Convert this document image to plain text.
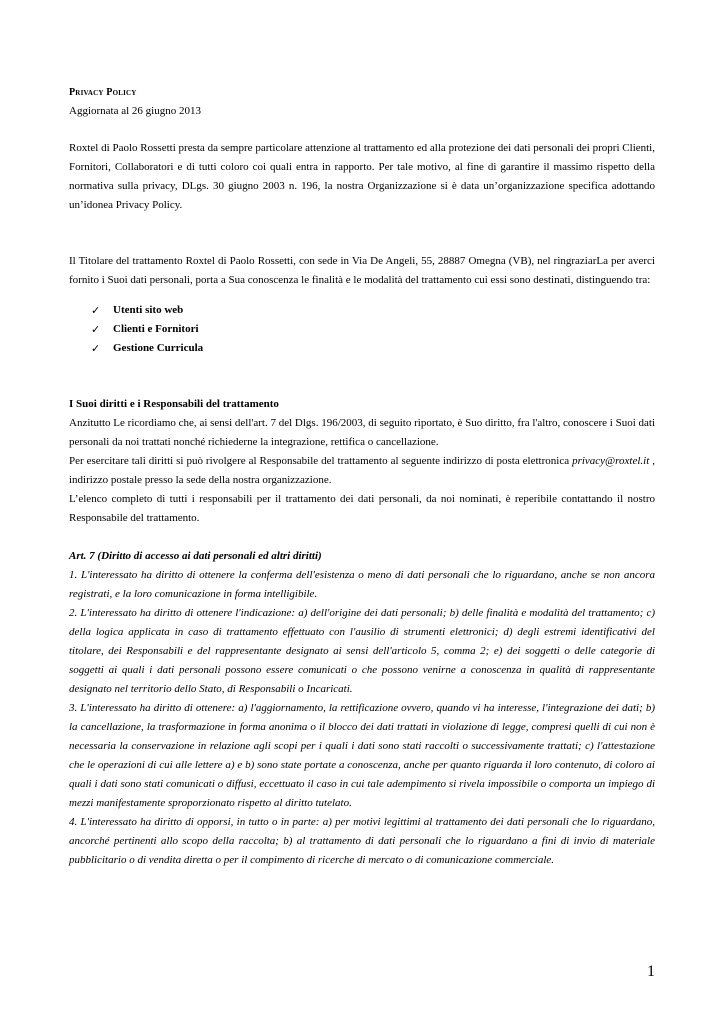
Privacy Policy

Aggiornata al 26 giugno 2013

Roxtel di Paolo Rossetti presta da sempre particolare attenzione al trattamento ed alla protezione dei dati personali dei propri Clienti, Fornitori, Collaboratori e di tutti coloro coi quali entra in rapporto. Per tale motivo, al fine di garantire il massimo rispetto della normativa sulla privacy, DLgs. 30 giugno 2003 n. 196, la nostra Organizzazione si è data un’organizzazione specifica adottando un’idonea Privacy Policy.

Il Titolare del trattamento Roxtel di Paolo Rossetti, con sede in Via De Angeli, 55, 28887 Omegna (VB), nel ringraziarLa per averci fornito i Suoi dati personali, porta a Sua conoscenza le finalità e le modalità del trattamento cui essi sono destinati, distinguendo tra:

✓	Utenti sito web
✓	Clienti e Fornitori
✓	Gestione Curricula

I Suoi diritti e i Responsabili del trattamento

Anzitutto Le ricordiamo che, ai sensi dell'art. 7 del Dlgs. 196/2003, di seguito riportato, è Suo diritto, fra l'altro, conoscere i Suoi dati personali da noi trattati nonché richiederne la integrazione, rettifica o cancellazione.

Per esercitare tali diritti si può rivolgere al Responsabile del trattamento al seguente indirizzo di posta elettronica privacy@roxtel.it , indirizzo postale presso la sede della nostra organizzazione.

L’elenco completo di tutti i responsabili per il trattamento dei dati personali, da noi nominati, è reperibile contattando il nostro Responsabile del trattamento.

Art. 7 (Diritto di accesso ai dati personali ed altri diritti)

1. L'interessato ha diritto di ottenere la conferma dell'esistenza o meno di dati personali che lo riguardano, anche se non ancora registrati, e la loro comunicazione in forma intelligibile.

2. L'interessato ha diritto di ottenere l'indicazione: a) dell'origine dei dati personali; b) delle finalità e modalità del trattamento; c) della logica applicata in caso di trattamento effettuato con l'ausilio di strumenti elettronici; d) degli estremi identificativi del titolare, dei Responsabili e del rappresentante designato ai sensi dell'articolo 5, comma 2; e) dei soggetti o delle categorie di soggetti ai quali i dati personali possono essere comunicati o che possono venirne a conoscenza in qualità di rappresentante designato nel territorio dello Stato, di Responsabili o Incaricati.

3. L'interessato ha diritto di ottenere: a) l'aggiornamento, la rettificazione ovvero, quando vi ha interesse, l'integrazione dei dati; b) la cancellazione, la trasformazione in forma anonima o il blocco dei dati trattati in violazione di legge, compresi quelli di cui non è necessaria la conservazione in relazione agli scopi per i quali i dati sono stati raccolti o successivamente trattati; c) l'attestazione che le operazioni di cui alle lettere a) e b) sono state portate a conoscenza, anche per quanto riguarda il loro contenuto, di coloro ai quali i dati sono stati comunicati o diffusi, eccettuato il caso in cui tale adempimento si rivela impossibile o comporta un impiego di mezzi manifestamente sproporzionato rispetto al diritto tutelato.

4. L'interessato ha diritto di opporsi, in tutto o in parte: a) per motivi legittimi al trattamento dei dati personali che lo riguardano, ancorché pertinenti allo scopo della raccolta; b) al trattamento di dati personali che lo riguardano a fini di invio di materiale pubblicitario o di vendita diretta o per il compimento di ricerche di mercato o di comunicazione commerciale.

1
